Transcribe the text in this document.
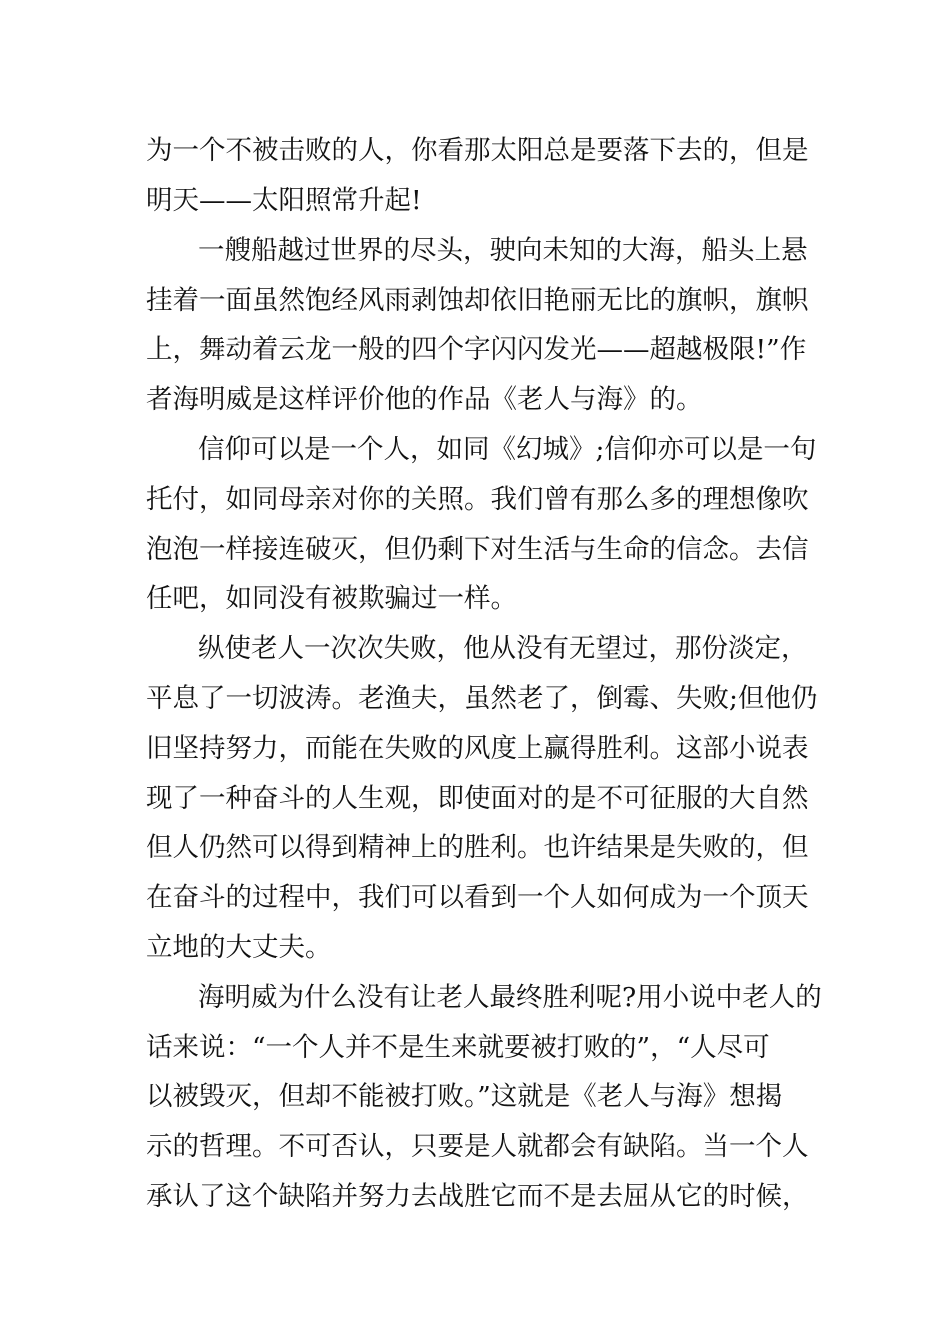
为一个不被击败的人，你看那太阳总是要落下去的，但是
明天——太阳照常升起!
一艘船越过世界的尽头，驶向未知的大海，船头上悬
挂着一面虽然饱经风雨剥蚀却依旧艳丽无比的旗帜，旗帜
上，舞动着云龙一般的四个字闪闪发光——超越极限!”作
者海明威是这样评价他的作品《老人与海》的。
信仰可以是一个人，如同《幻城》;信仰亦可以是一句
托付，如同母亲对你的关照。我们曾有那么多的理想像吹
泡泡一样接连破灭，但仍剩下对生活与生命的信念。去信
任吧，如同没有被欺骗过一样。
纵使老人一次次失败，他从没有无望过，那份淡定，
平息了一切波涛。老渔夫，虽然老了，倒霉、失败;但他仍
旧坚持努力，而能在失败的风度上赢得胜利。这部小说表
现了一种奋斗的人生观，即使面对的是不可征服的大自然
但人仍然可以得到精神上的胜利。也许结果是失败的，但
在奋斗的过程中，我们可以看到一个人如何成为一个顶天
立地的大丈夫。
海明威为什么没有让老人最终胜利呢?用小说中老人的
话来说：“一个人并不是生来就要被打败的”，“人尽可
以被毁灭，但却不能被打败。”这就是《老人与海》想揭
示的哲理。不可否认，只要是人就都会有缺陷。当一个人
承认了这个缺陷并努力去战胜它而不是去屈从它的时候，
